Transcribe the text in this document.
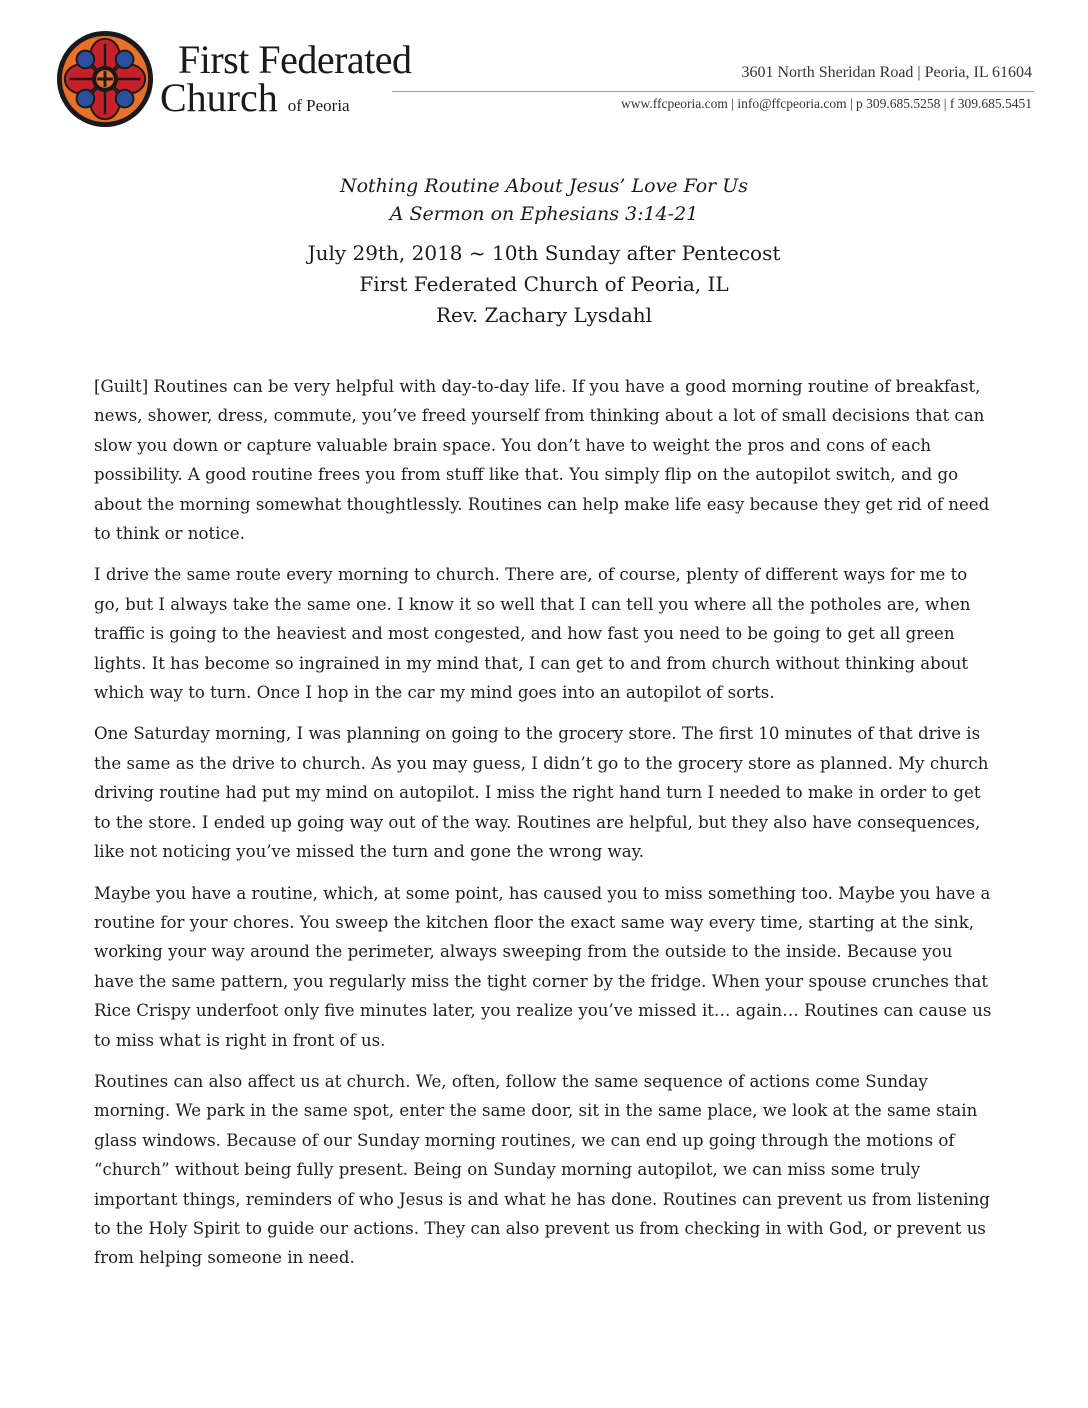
First Federated
Church of Peoria
3601 North Sheridan Road | Peoria, IL 61604
www.ffcpeoria.com | info@ffcpeoria.com | p 309.685.5258 | f 309.685.5451
Nothing Routine About Jesus’ Love For Us
A Sermon on Ephesians 3:14-21
July 29th, 2018 ~ 10th Sunday after Pentecost
First Federated Church of Peoria, IL
Rev. Zachary Lysdahl

[Guilt] Routines can be very helpful with day-to-day life. If you have a good morning routine of breakfast, news, shower, dress, commute, you’ve freed yourself from thinking about a lot of small decisions that can slow you down or capture valuable brain space. You don’t have to weight the pros and cons of each possibility. A good routine frees you from stuff like that. You simply flip on the autopilot switch, and go about the morning somewhat thoughtlessly. Routines can help make life easy because they get rid of need to think or notice.

I drive the same route every morning to church. There are, of course, plenty of different ways for me to go, but I always take the same one. I know it so well that I can tell you where all the potholes are, when traffic is going to the heaviest and most congested, and how fast you need to be going to get all green lights. It has become so ingrained in my mind that, I can get to and from church without thinking about which way to turn. Once I hop in the car my mind goes into an autopilot of sorts.

One Saturday morning, I was planning on going to the grocery store. The first 10 minutes of that drive is the same as the drive to church. As you may guess, I didn’t go to the grocery store as planned. My church driving routine had put my mind on autopilot. I miss the right hand turn I needed to make in order to get to the store. I ended up going way out of the way. Routines are helpful, but they also have consequences, like not noticing you’ve missed the turn and gone the wrong way.

Maybe you have a routine, which, at some point, has caused you to miss something too. Maybe you have a routine for your chores. You sweep the kitchen floor the exact same way every time, starting at the sink, working your way around the perimeter, always sweeping from the outside to the inside. Because you have the same pattern, you regularly miss the tight corner by the fridge. When your spouse crunches that Rice Crispy underfoot only five minutes later, you realize you’ve missed it… again… Routines can cause us to miss what is right in front of us.

Routines can also affect us at church. We, often, follow the same sequence of actions come Sunday morning. We park in the same spot, enter the same door, sit in the same place, we look at the same stain glass windows. Because of our Sunday morning routines, we can end up going through the motions of “church” without being fully present. Being on Sunday morning autopilot, we can miss some truly important things, reminders of who Jesus is and what he has done. Routines can prevent us from listening to the Holy Spirit to guide our actions. They can also prevent us from checking in with God, or prevent us from helping someone in need.
